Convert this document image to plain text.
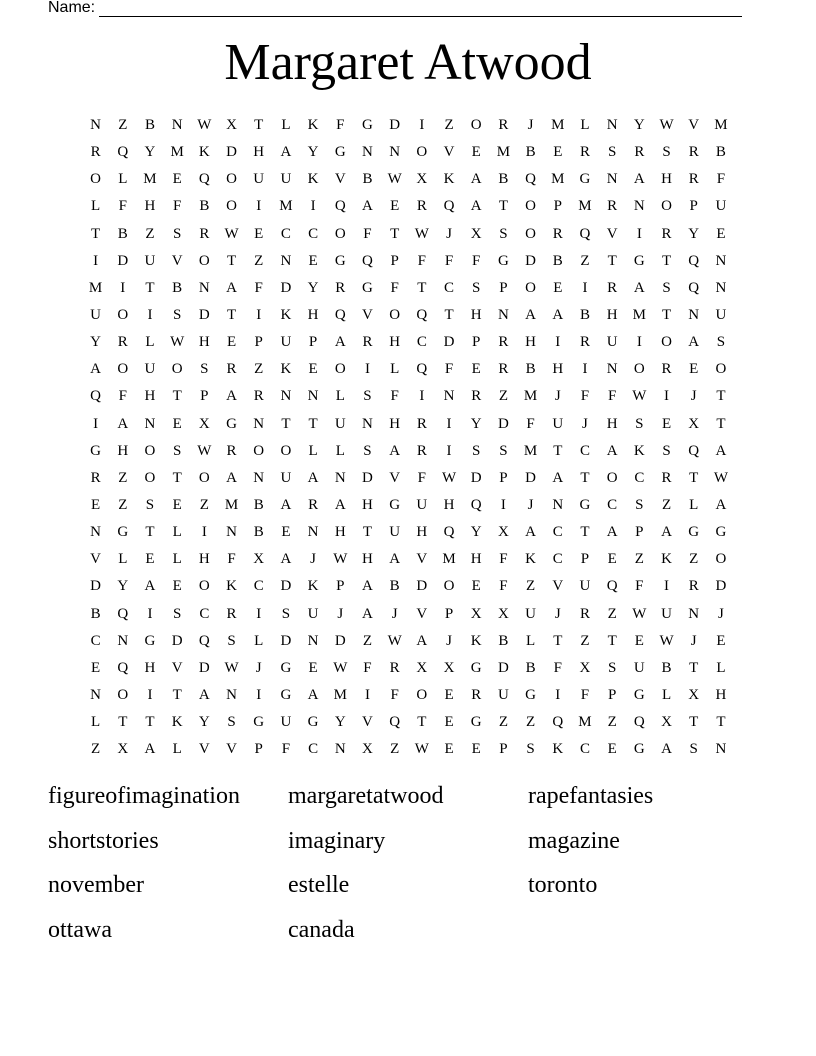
Name:
Margaret Atwood
N	Z	B	N W X	T	L	K	F	G	D	I	Z	O	R	J	M	L	N	Y W V	M
R	Q	Y	M	K	D	H	A	Y	G	N	N	O	V	E	M	B	E	R	S	R	S	R	B
O	L	M	E	Q	O	U	U	K	V	B	W X	K	A	B	Q	M	G	N	A	H	R	F
L	F	H	F	B	O	I	M	I	Q	A	E	R	Q	A	T	O	P	M	R	N	O	P	U
T	B	Z	S	R	W	E	C	C	O	F	T	W	J	X	S	O	R	Q	V	I	R	Y	E
I	D	U	V	O	T	Z	N	E	G	Q	P	F	F	F	G	D	B	Z	T	G	T	Q	N
M	I	T	B	N	A	F	D	Y	R	G	F	T	C	S	P	O	E	I	R	A	S	Q	N
U	O	I	S	D	T	I	K	H	Q	V	O	Q	T	H	N	A	A	B	H	M	T	N	U
Y	R	L	W H	E	P	U	P	A	R	H	C	D	P	R	H	I	R	U	I	O	A	S
A	O	U	O	S	R	Z	K	E	O	I	L	Q	F	E	R	B	H	I	N	O	R	E	O
Q	F	H	T	P	A	R	N	N	L	S	F	I	N	R	Z	M	J	F	F	W	I	J	T
I	A	N	E	X	G	N	T	T	U	N	H	R	I	Y	D	F	U	J	H	S	E	X	T
G	H	O	S	W	R	O	O	L	L	S	A	R	I	S	S	M	T	C	A	K	S	Q	A
R	Z	O	T	O	A	N	U	A	N	D	V	F	W D	P	D	A	T	O	C	R	T	W
E	Z	S	E	Z	M	B	A	R	A	H	G	U	H	Q	I	J	N	G	C	S	Z	L	A
N	G	T	L	I	N	B	E	N	H	T	U	H	Q	Y	X	A	C	T	A	P	A	G	G
V	L	E	L	H	F	X	A	J	W H	A	V	M	H	F	K	C	P	E	Z	K	Z	O
D	Y	A	E	O	K	C	D	K	P	A	B	D	O	E	F	Z	V	U	Q	F	I	R	D
B	Q	I	S	C	R	I	S	U	J	A	J	V	P	X	X	U	J	R	Z	W U	N	J
C	N	G	D	Q	S	L	D	N	D	Z	W A	J	K	B	L	T	Z	T	E	W	J	E
E	Q	H	V	D W	J	G	E	W	F	R	X	X	G	D	B	F	X	S	U	B	T	L
N	O	I	T	A	N	I	G	A	M	I	F	O	E	R	U	G	I	F	P	G	L	X	H
L	T	T	K	Y	S	G	U	G	Y	V	Q	T	E	G	Z	Z	Q	M	Z	Q	X	T	T
Z	X	A	L	V	V	P	F	C	N	X	Z	W	E	E	P	S	K	C	E	G	A	S	N
figureofimagination	margaretatwood	rapefantasies
shortstories	imaginary	magazine
november	estelle	toronto
ottawa	canada
